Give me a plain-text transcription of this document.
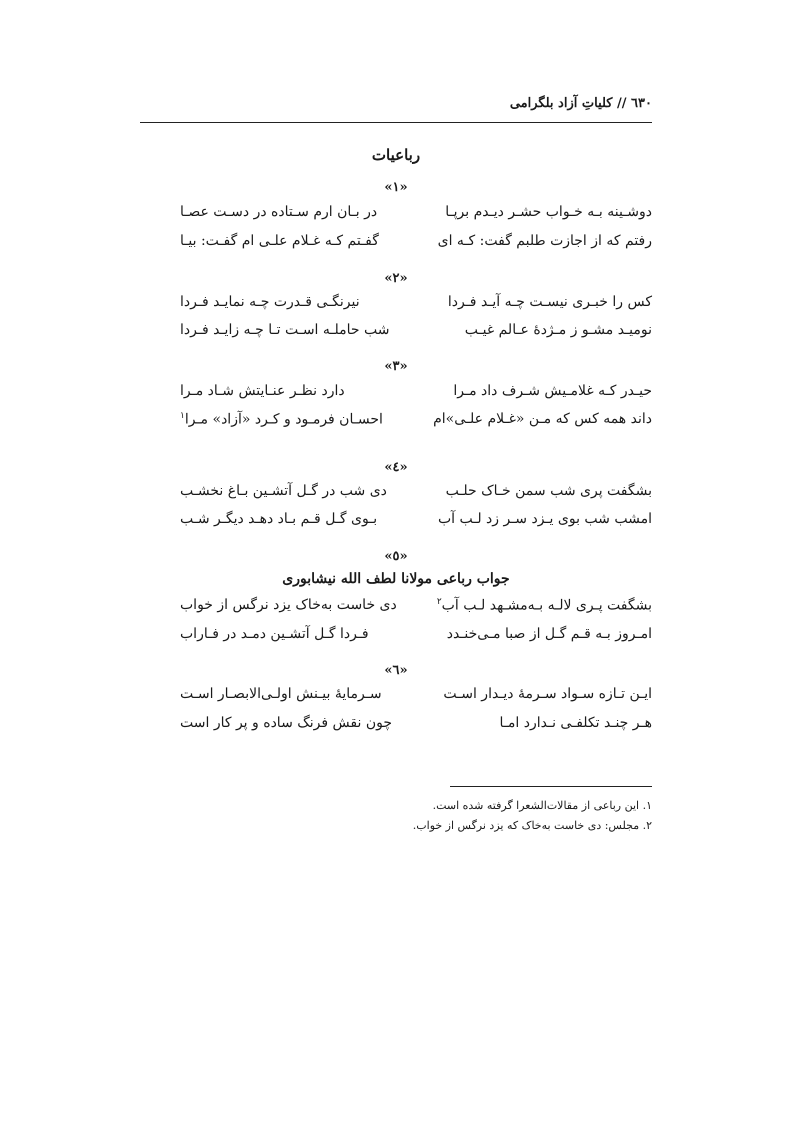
٦٣٠ // کلیاتِ آزاد بلگرامی
رباعیات
«١»
دوشـینه بـه خـواب حشـر دیـدم برپـا
در بـان ارم سـتاده در دسـت عصـا
رفتم که از اجازت طلبم گفت: کـه ای
گفـتم کـه غـلام علـی ام گفـت: بیـا
«٢»
کس را خبـری نیسـت چـه آیـد فـردا
نیرنگـی قـدرت چـه نمایـد فـردا
نومیـد مشـو ز مـژدۀ عـالم غیـب
شب حاملـه اسـت تـا چـه زایـد فـردا
«٣»
حیـدر کـه غلامـیش شـرف داد مـرا
دارد نظـر عنـایتش شـاد مـرا
داند همه کس که مـن «غـلام علـی»ام
احسـان فرمـود و کـرد «آزاد» مـرا$^١$
«٤»
بشگفت پری شب سمن خـاک حلـب
دی شب در گـل آتشـین بـاغ نخشـب
امشب شب بوی یـزد سـر زد لـب آب
بـوی گـل قـم بـاد دهـد دیگـر شـب
«٥»
جواب رباعی مولانا لطف الله نیشابوری
بشگفت پـری لالـه بـه‌مشـهد لـب آب$^٢$
دی خاست به‌خاک یزد نرگس از خواب
امـروز بـه قـم گـل از صبا مـی‌خنـدد
فـردا گـل آتشـین دمـد در فـاراب
«٦»
ایـن تـازه سـواد سـرمۀ دیـدار اسـت
سـرمایۀ بیـنش اولـی‌الابصـار اسـت
هـر چنـد تکلفـی نـدارد امـا
چون نقش فرنگ ساده و پر کار است
١. این رباعی از مقالات‌الشعرا گرفته شده است.
٢. مجلس: دی خاست به‌خاک که یزد نرگس از خواب.
